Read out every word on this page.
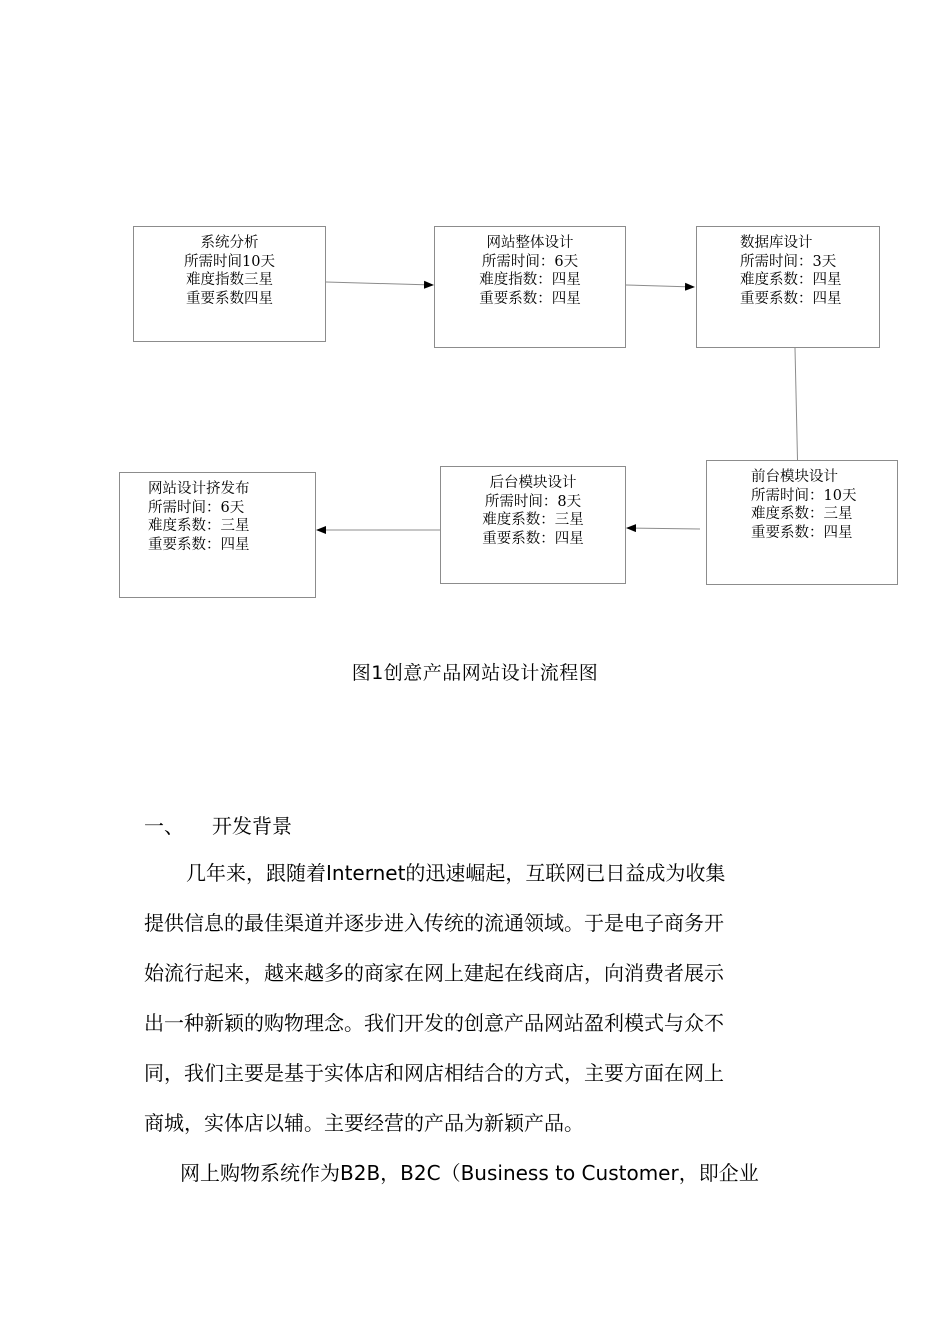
系统分析
所需时间10天
难度指数三星
重要系数四星
网站整体设计
所需时间：6天
难度指数：四星
重要系数：四星
数据库设计
所需时间：3天
难度系数：四星
重要系数：四星
前台模块设计
所需时间：10天
难度系数：三星
重要系数：四星
后台模块设计
所需时间：8天
难度系数：三星
重要系数：四星
网站设计挤发布
所需时间：6天
难度系数：三星
重要系数：四星
图1创意产品网站设计流程图
一、 开发背景
几年来，跟随着Internet的迅速崛起，互联网已日益成为收集
提供信息的最佳渠道并逐步进入传统的流通领域。于是电子商务开
始流行起来，越来越多的商家在网上建起在线商店，向消费者展示
出一种新颖的购物理念。我们开发的创意产品网站盈利模式与众不
同，我们主要是基于实体店和网店相结合的方式，主要方面在网上
商城，实体店以辅。主要经营的产品为新颖产品。
网上购物系统作为B2B，B2C（Business to Customer，即企业
